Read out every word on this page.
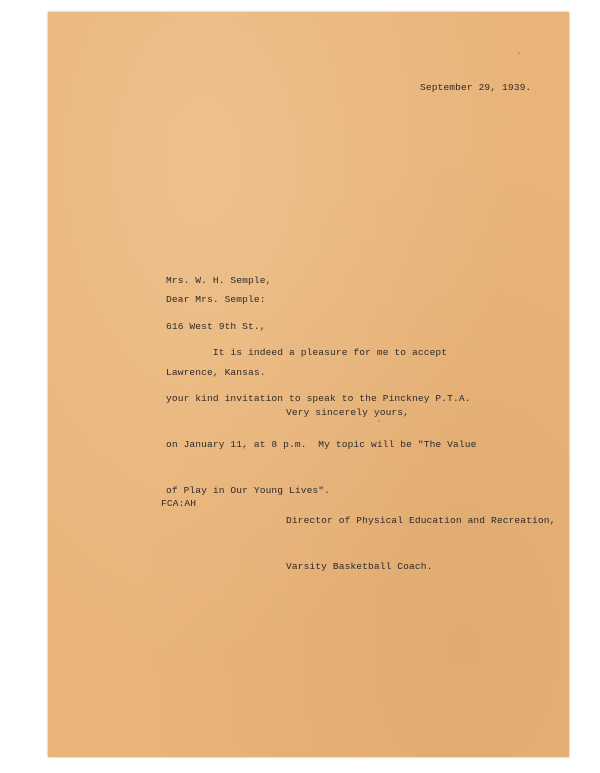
September 29, 1939.

Mrs. W. H. Semple,

616 West 9th St.,

Lawrence, Kansas.

Dear Mrs. Semple:

It is indeed a pleasure for me to accept

your kind invitation to speak to the Pinckney P.T.A.

on January 11, at 8 p.m.  My topic will be "The Value

of Play in Our Young Lives".

Very sincerely yours,

Director of Physical Education and Recreation,

Varsity Basketball Coach.

FCA:AH
